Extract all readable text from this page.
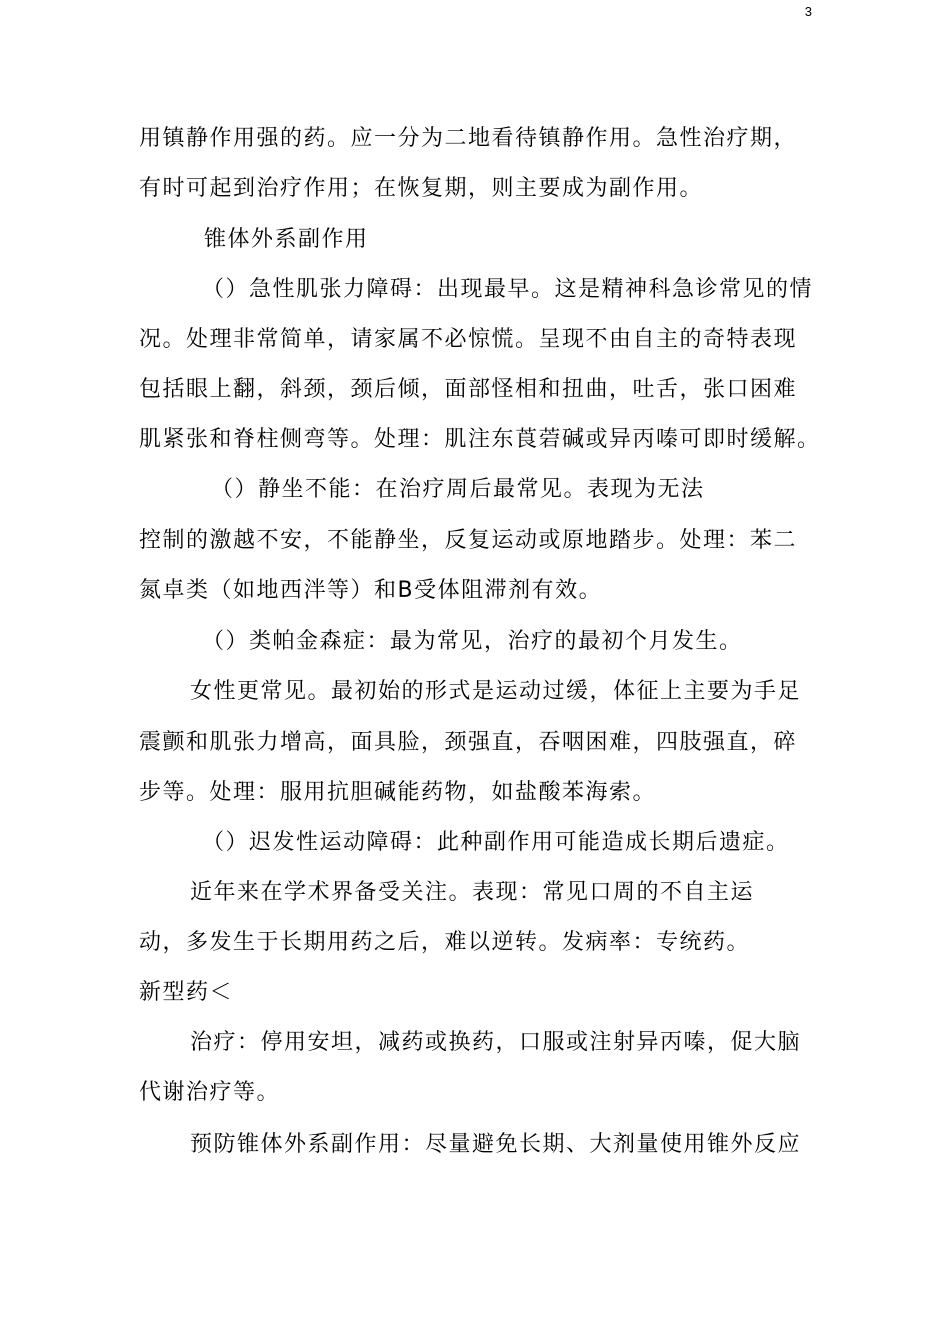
3
用镇静作用强的药。应一分为二地看待镇静作用。急性治疗期，
有时可起到治疗作用；在恢复期，则主要成为副作用。
锥体外系副作用
（）急性肌张力障碍：出现最早。这是精神科急诊常见的情
况。处理非常简单，请家属不必惊慌。呈现不由自主的奇特表现
包括眼上翻，斜颈，颈后倾，面部怪相和扭曲，吐舌，张口困难
肌紧张和脊柱侧弯等。处理：肌注东莨菪碱或异丙嗪可即时缓解。
（）静坐不能：在治疗周后最常见。表现为无法
控制的激越不安，不能静坐，反复运动或原地踏步。处理：苯二
氮卓类（如地西泮等）和Β受体阻滞剂有效。
（）类帕金森症：最为常见，治疗的最初个月发生。
女性更常见。最初始的形式是运动过缓，体征上主要为手足
震颤和肌张力增高，面具脸，颈强直，吞咽困难，四肢强直，碎
步等。处理：服用抗胆碱能药物，如盐酸苯海索。
（）迟发性运动障碍：此种副作用可能造成长期后遗症。
近年来在学术界备受关注。表现：常见口周的不自主运
动，多发生于长期用药之后，难以逆转。发病率：专统药。
新型药＜
治疗：停用安坦，减药或换药，口服或注射异丙嗪，促大脑
代谢治疗等。
预防锥体外系副作用：尽量避免长期、大剂量使用锥外反应
